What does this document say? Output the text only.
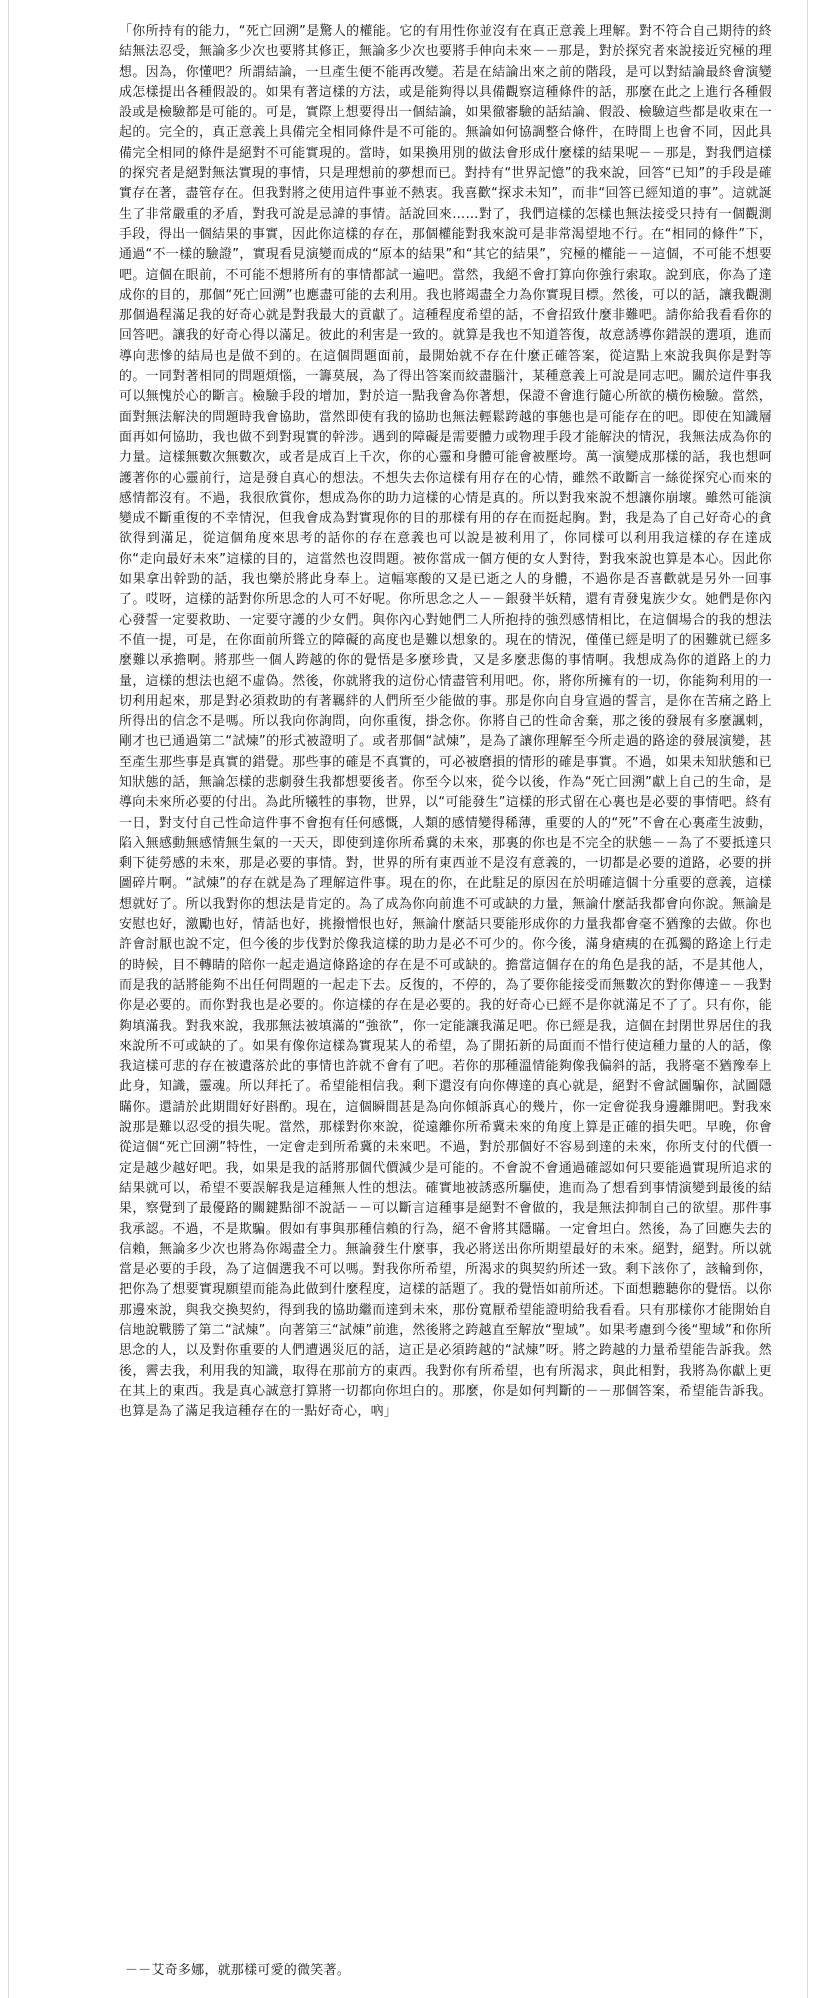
「你所持有的能力，“死亡回溯”是驚人的權能。它的有用性你並沒有在真正意義上理解。對不符合自己期待的終結無法忍受，無論多少次也要將其修正，無論多少次也要將手伸向未來－－那是，對於探究者來說接近究極的理想。因為，你懂吧？所謂結論，一旦產生便不能再改變。若是在結論出來之前的階段，是可以對結論最終會演變成怎樣提出各種假設的。如果有著這樣的方法，或是能夠得以具備觀察這種條件的話，那麼在此之上進行各種假設或是檢驗都是可能的。可是，實際上想要得出一個結論，如果徹審驗的話結論、假設、檢驗這些都是收束在一起的。完全的，真正意義上具備完全相同條件是不可能的。無論如何協調整合條件，在時間上也會不同，因此具備完全相同的條件是絕對不可能實現的。當時，如果換用別的做法會形成什麼樣的結果呢－－那是，對我們這樣的探究者是絕對無法實現的事情，只是理想前的夢想而已。對持有“世界記憶”的我來說，回答“已知”的手段是確實存在著，盡管存在。但我對將之使用這件事並不熱衷。我喜歡“探求未知”，而非“回答已經知道的事”。這就誕生了非常嚴重的矛盾，對我可說是忌諱的事情。話說回來……對了，我們這樣的怎樣也無法接受只持有一個觀測手段，得出一個結果的事實，因此你這樣的存在，那個權能對我來說可是非常渴望地不行。在“相同的條件”下，通過“不一樣的驗證”，實現看見演變而成的“原本的結果”和“其它的結果”，究極的權能－－這個，不可能不想要吧。這個在眼前，不可能不想將所有的事情都試一遍吧。當然，我絕不會打算向你強行索取。說到底，你為了達成你的目的，那個“死亡回溯”也應盡可能的去利用。我也將竭盡全力為你實現目標。然後，可以的話，讓我觀測那個過程滿足我的好奇心就是對我最大的貢獻了。這種程度希望的話，不會招致什麼非難吧。請你給我看看你的回答吧。讓我的好奇心得以滿足。彼此的利害是一致的。就算是我也不知道答復，故意誘導你錯誤的選項，進而導向悲慘的結局也是做不到的。在這個問題面前，最開始就不存在什麼正確答案，從這點上來說我與你是對等的。一同對著相同的問題煩惱，一籌莫展，為了得出答案而絞盡腦汁，某種意義上可說是同志吧。關於這件事我可以無愧於心的斷言。檢驗手段的增加，對於這一點我會為你著想，保證不會進行隨心所欲的橫伤檢驗。當然，面對無法解決的問題時我會協助，當然即使有我的協助也無法輕鬆跨越的事態也是可能存在的吧。即使在知識層面再如何協助，我也做不到對現實的幹涉。遇到的障礙是需要體力或物理手段才能解決的情況，我無法成為你的力量。這樣無數次無數次，或者是成百上千次，你的心靈和身體可能會被壓垮。萬一演變成那樣的話，我也想呵護著你的心靈前行，這是發自真心的想法。不想失去你這樣有用存在的心情，雖然不敢斷言一絲從探究心而來的感情都沒有。不過，我很欣賞你，想成為你的助力這樣的心情是真的。所以對我來說不想讓你崩壞。雖然可能演變成不斷重復的不幸情況，但我會成為對實現你的目的那樣有用的存在而挺起胸。對，我是為了自己好奇心的貪欲得到滿足，從這個角度來思考的話你的存在意義也可以說是被利用了，你同樣可以利用我這樣的存在達成你“走向最好未來”這樣的目的，這當然也沒問題。被你當成一個方便的女人對待，對我來說也算是本心。因此你如果拿出幹勁的話，我也樂於將此身奉上。這幅寒酸的又是已逝之人的身體，不過你是否喜歡就是另外一回事了。哎呀，這樣的話對你所思念的人可不好呢。你所思念之人－－銀發半妖精，還有青發鬼族少女。她們是你內心發誓一定要救助、一定要守護的少女們。與你內心對她們二人所抱持的強烈感情相比，在這個場合的我的想法不值一提，可是，在你面前所聳立的障礙的高度也是難以想象的。現在的情況，僅僅已經是明了的困難就已經多麼難以承擔啊。將那些一個人跨越的你的覺悟是多麼珍貴，又是多麼悲傷的事情啊。我想成為你的道路上的力量，這樣的想法也絕不虛偽。然後，你就將我的這份心情盡管利用吧。你，將你所擁有的一切，你能夠利用的一切利用起來，那是對必須救助的有著羈絆的人們所至少能做的事。那是你向自身宣過的誓言，是你在苦痛之路上所得出的信念不是嗎。所以我向你詢問，向你重復，掛念你。你將自己的性命舍棄，那之後的發展有多麼諷刺，剛才也已通過第二“試煉”的形式被證明了。或者那個“試煉”，是為了讓你理解至今所走過的路途的發展演變，甚至產生那些事是真實的錯覺。那些事的確是不真實的，可必被磨損的情形的確是事實。不過，如果未知狀態和已知狀態的話，無論怎樣的悲劇發生我都想要後者。你至今以來，從今以後，作為“死亡回溯”獻上自己的生命，是導向未來所必要的付出。為此所犧牲的事物，世界，以“可能發生”這樣的形式留在心裏也是必要的事情吧。終有一日，對支付自己性命這件事不會抱有任何感慨，人類的感情變得稀薄，重要的人的“死”不會在心裏產生波動，陷入無感動無感情無生氣的一天天，即使到達你所希冀的未來，那裏的你也是不完全的狀態－－為了不要抵達只剩下徒勞感的未來，那是必要的事情。對，世界的所有東西並不是沒有意義的，一切都是必要的道路，必要的拼圖碎片啊。“試煉”的存在就是為了理解這件事。現在的你，在此駐足的原因在於明確這個十分重要的意義，這樣想就好了。所以我對你的想法是肯定的。為了成為你向前進不可或缺的力量，無論什麼話我都會向你說。無論是安慰也好，激勵也好，情話也好，挑撥憎恨也好，無論什麼話只要能形成你的力量我都會毫不猶豫的去做。你也許會討厭也說不定，但今後的步伐對於像我這樣的助力是必不可少的。你今後，滿身瘡痍的在孤獨的路途上行走的時候，目不轉睛的陪你一起走過這條路途的存在是不可或缺的。擔當這個存在的角色是我的話，不是其他人，而是我的話將能夠不出任何問題的一起走下去。反復的，不停的，為了要你能接受而無數次的對你傳達－－我對你是必要的。而你對我也是必要的。你這樣的存在是必要的。我的好奇心已經不是你就滿足不了了。只有你，能夠填滿我。對我來說，我那無法被填滿的“強欲”，你一定能讓我滿足吧。你已經是我，這個在封閉世界居住的我來說所不可或缺的了。如果有像你這樣為實現某人的希望，為了開拓新的局面而不惜行使這種力量的人的話，像我這樣可悲的存在被遺落於此的事情也許就不會有了吧。若你的那種溫情能夠像我偏斜的話，我將毫不猶豫奉上此身，知識，靈魂。所以拜托了。希望能相信我。剩下還沒有向你傳達的真心就是，絕對不會試圖騙你，試圖隱瞞你。還請於此期間好好斟酌。現在，這個瞬間甚是為向你傾訴真心的幾片，你一定會從我身邊離開吧。對我來說那是難以忍受的損失呢。當然，那樣對你來說，從遠離你所希冀未來的角度上算是正確的損失吧。早晚，你會從這個“死亡回溯”特性，一定會走到所希冀的未來吧。不過，對於那個好不容易到達的未來，你所支付的代價一定是越少越好吧。我，如果是我的話將那個代價減少是可能的。不會說不會通過確認如何只要能過實現所追求的結果就可以，希望不要誤解我是這種無人性的想法。確實地被誘惑所驅使，進而為了想看到事情演變到最後的結果，察覺到了最優路的關鍵點卻不說話－－可以斷言這種事是絕對不會做的，我是無法抑制自己的欲望。那件事我承認。不過，不是欺騙。假如有事與那種信賴的行為，絕不會將其隱瞞。一定會坦白。然後，為了回應失去的信賴，無論多少次也將為你竭盡全力。無論發生什麼事，我必將送出你所期望最好的未來。絕對，絕對。所以就當是必要的手段，為了這個選我不可以嗎。對我你所希望，所渴求的與契約所述一致。剩下該你了，該輪到你，把你為了想要實現願望而能為此做到什麼程度，這樣的話題了。我的覺悟如前所述。下面想聽聽你的覺悟。以你那邊來說，與我交換契約，得到我的協助繼而達到未來，那份寬厭希望能證明給我看看。只有那樣你才能開始自信地說戰勝了第二“試煉”。向著第三“試煉”前進，然後將之跨越直至解放“聖域”。如果考慮到今後“聖域”和你所思念的人，以及對你重要的人們遭遇災厄的話，這正是必須跨越的“試煉”呀。將之跨越的力量希望能告訴我。然後，霽去我，利用我的知識，取得在那前方的東西。我對你有所希望，也有所渴求，與此相對，我將為你獻上更在其上的東西。我是真心誠意打算將一切都向你坦白的。那麼，你是如何判斷的－－那個答案，希望能告訴我。也算是為了滿足我這種存在的一點好奇心，吶」

－－艾奇多娜，就那樣可愛的微笑著。
